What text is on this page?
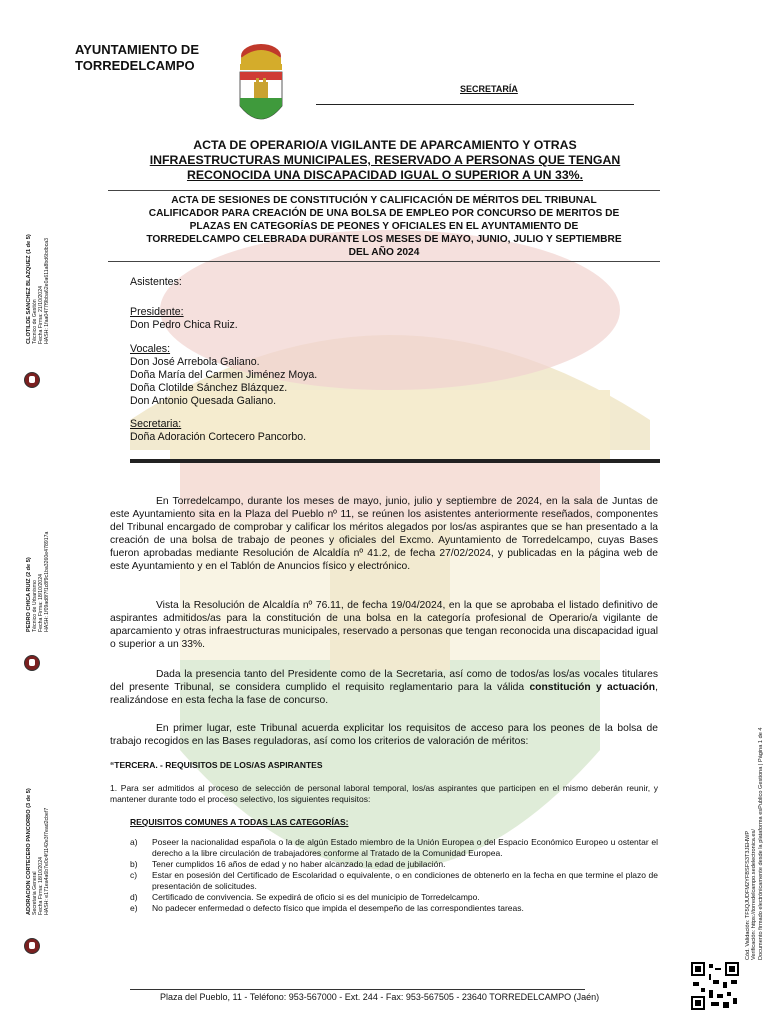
AYUNTAMIENTO DE
TORREDELCAMPO
SECRETARÍA
ACTA DE OPERARIO/A VIGILANTE DE APARCAMIENTO Y OTRAS
INFRAESTRUCTURAS MUNICIPALES, RESERVADO A PERSONAS QUE TENGAN
RECONOCIDA UNA DISCAPACIDAD IGUAL O SUPERIOR A UN 33%.
ACTA DE SESIONES DE CONSTITUCIÓN Y CALIFICACIÓN DE MÉRITOS DEL TRIBUNAL
CALIFICADOR PARA CREACIÓN DE UNA BOLSA DE EMPLEO POR CONCURSO DE MERITOS DE
PLAZAS EN CATEGORÍAS DE PEONES Y OFICIALES EN EL AYUNTAMIENTO DE
TORREDELCAMPO CELEBRADA DURANTE LOS MESES DE MAYO, JUNIO, JULIO Y SEPTIEMBRE
DEL AÑO 2024
Asistentes:
Presidente:
Don Pedro Chica Ruiz.
Vocales:
Don José Arrebola Galiano.
Doña María del Carmen Jiménez Moya.
Doña Clotilde Sánchez Blázquez.
Don Antonio Quesada Galiano.
Secretaria:
Doña Adoración Cortecero Pancorbo.
En Torredelcampo, durante los meses de mayo, junio, julio y septiembre de 2024, en la sala de Juntas de este Ayuntamiento sita en la Plaza del Pueblo nº 11, se reúnen los asistentes anteriormente reseñados, componentes del Tribunal encargado de comprobar y calificar los méritos alegados por los/as aspirantes que se han presentado a la creación de una bolsa de trabajo de peones y oficiales del Excmo. Ayuntamiento de Torredelcampo, cuyas Bases fueron aprobadas mediante Resolución de Alcaldía nº 41.2, de fecha 27/02/2024, y publicadas en la página web de este Ayuntamiento y en el Tablón de Anuncios físico y electrónico.
Vista la Resolución de Alcaldía nº 76.11, de fecha 19/04/2024, en la que se aprobaba el listado definitivo de aspirantes admitidos/as para la constitución de una bolsa en la categoría profesional de Operario/a vigilante de aparcamiento y otras infraestructuras municipales, reservado a personas que tengan reconocida una discapacidad igual o superior a un 33%.
Dada la presencia tanto del Presidente como de la Secretaria, así como de todos/as los/as vocales titulares del presente Tribunal, se considera cumplido el requisito reglamentario para la válida constitución y actuación, realizándose en esta fecha la fase de concurso.
En primer lugar, este Tribunal acuerda explicitar los requisitos de acceso para los peones de la bolsa de trabajo recogidos en las Bases reguladoras, así como los criterios de valoración de méritos:
“TERCERA. - REQUISITOS DE LOS/AS ASPIRANTES
1. Para ser admitidos al proceso de selección de personal laboral temporal, los/as aspirantes que participen en el mismo deberán reunir, y mantener durante todo el proceso selectivo, los siguientes requisitos:
REQUISITOS COMUNES A TODAS LAS CATEGORÍAS:
a) Poseer la nacionalidad española o la de algún Estado miembro de la Unión Europea o del Espacio Económico Europeo u ostentar el derecho a la libre circulación de trabajadores conforme al Tratado de la Comunidad Europea.
b) Tener cumplidos 16 años de edad y no haber alcanzado la edad de jubilación.
c) Estar en posesión del Certificado de Escolaridad o equivalente, o en condiciones de obtenerlo en la fecha en que termine el plazo de presentación de solicitudes.
d) Certificado de convivencia. Se expedirá de oficio si es del municipio de Torredelcampo.
e) No padecer enfermedad o defecto físico que impida el desempeño de las correspondientes tareas.
Plaza del Pueblo, 11 - Teléfono: 953-567000 - Ext. 244 - Fax: 953-567505 - 23640 TORREDELCAMPO (Jaén)
CLOTILDE SANCHEZ BLAZQUEZ (1 de 5) Técnico de Gestión Fecha Firma: 21/10/2024 HASH: 1faa0477f9bba62e0a611a8bd6bdbca3
PEDRO CHICA RUIZ (2 de 5) Técnico de Urbanismo Fecha Firma: 18/10/2024 HASH: 1f09ad8f7f1c8f9c1ba3260e478917a
ADORACION CORTECERO PANCORBO (3 de 5) Secretaria General Fecha Firma: 18/10/2024 HASH: e171ea4a6b7e0c4f1142e3f7ead2cbef7	Cód. Validación: TF5QJUDFM2YFBSFS3T3JEHWP Verificación: https://torredelcampo.sedelectronica.es/ Documento firmado electrónicamente desde la plataforma esPublico Gestiona | Página 1 de 4
